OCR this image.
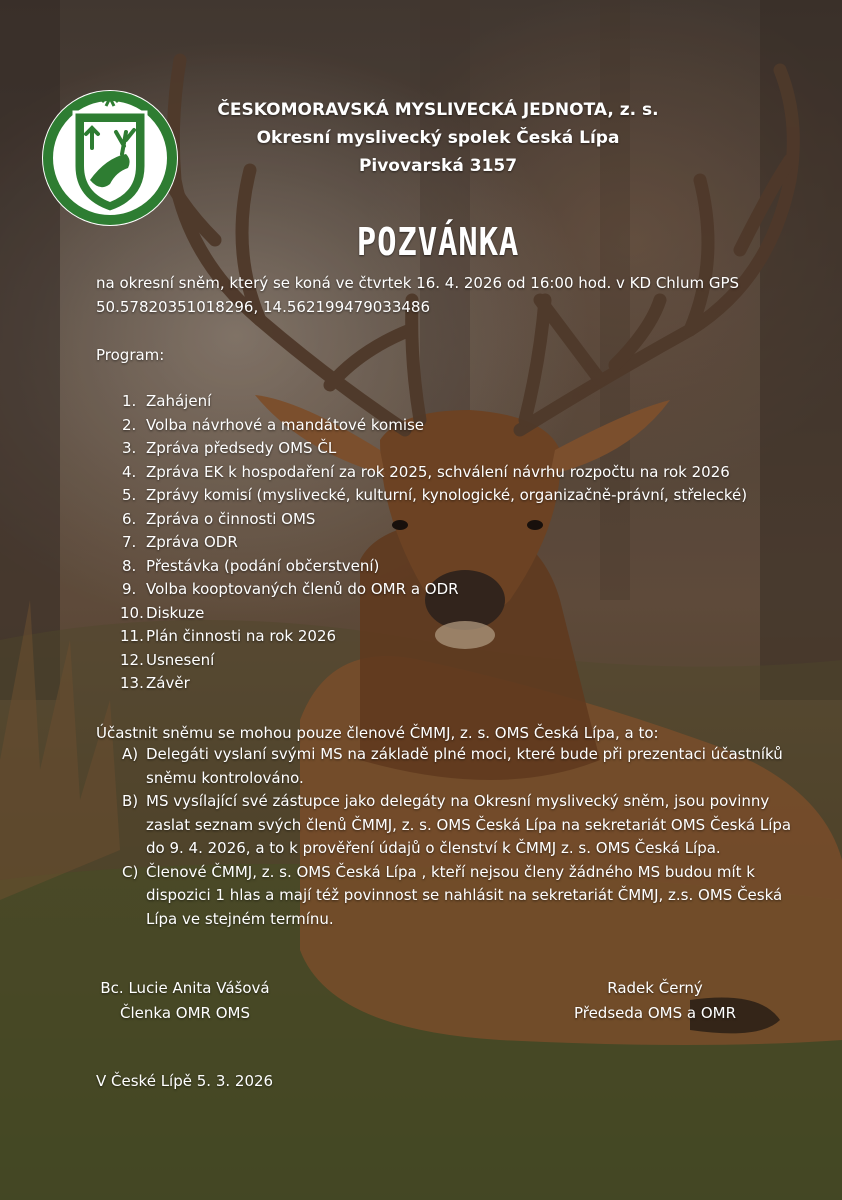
ČESKOMORAVSKÁ MYSLIVECKÁ JEDNOTA, z. s.
Okresní myslivecký spolek Česká Lípa
Pivovarská 3157
POZVÁNKA
na okresní sněm, který se koná ve čtvrtek 16. 4. 2026 od 16:00 hod. v KD Chlum GPS 50.57820351018296, 14.562199479033486
Program:
1. Zahájení
2. Volba návrhové a mandátové komise
3. Zpráva předsedy OMS ČL
4. Zpráva EK k hospodaření za rok 2025, schválení návrhu rozpočtu na rok 2026
5. Zprávy komisí (myslivecké, kulturní, kynologické, organizačně-právní, střelecké)
6. Zpráva o činnosti OMS
7. Zpráva ODR
8. Přestávka (podání občerstvení)
9. Volba kooptovaných členů do OMR a ODR
10. Diskuze
11. Plán činnosti na rok 2026
12. Usnesení
13. Závěr
Účastnit sněmu se mohou pouze členové ČMMJ, z. s. OMS Česká Lípa, a to:
A) Delegáti vyslaní svými MS na základě plné moci, které bude při prezentaci účastníků sněmu kontrolováno.
B) MS vysílající své zástupce jako delegáty na Okresní myslivecký sněm, jsou povinny zaslat seznam svých členů ČMMJ, z. s. OMS Česká Lípa na sekretariát OMS Česká Lípa do 9. 4. 2026, a to k prověření údajů o členství k ČMMJ z. s. OMS Česká Lípa.
C) Členové ČMMJ, z. s. OMS Česká Lípa , kteří nejsou členy žádného MS budou mít k dispozici 1 hlas a mají též povinnost se nahlásit na sekretariát ČMMJ, z.s. OMS Česká Lípa ve stejném termínu.
Bc. Lucie Anita Vášová
Členka OMR OMS
Radek Černý
Předseda OMS a OMR
V České Lípě 5. 3. 2026
